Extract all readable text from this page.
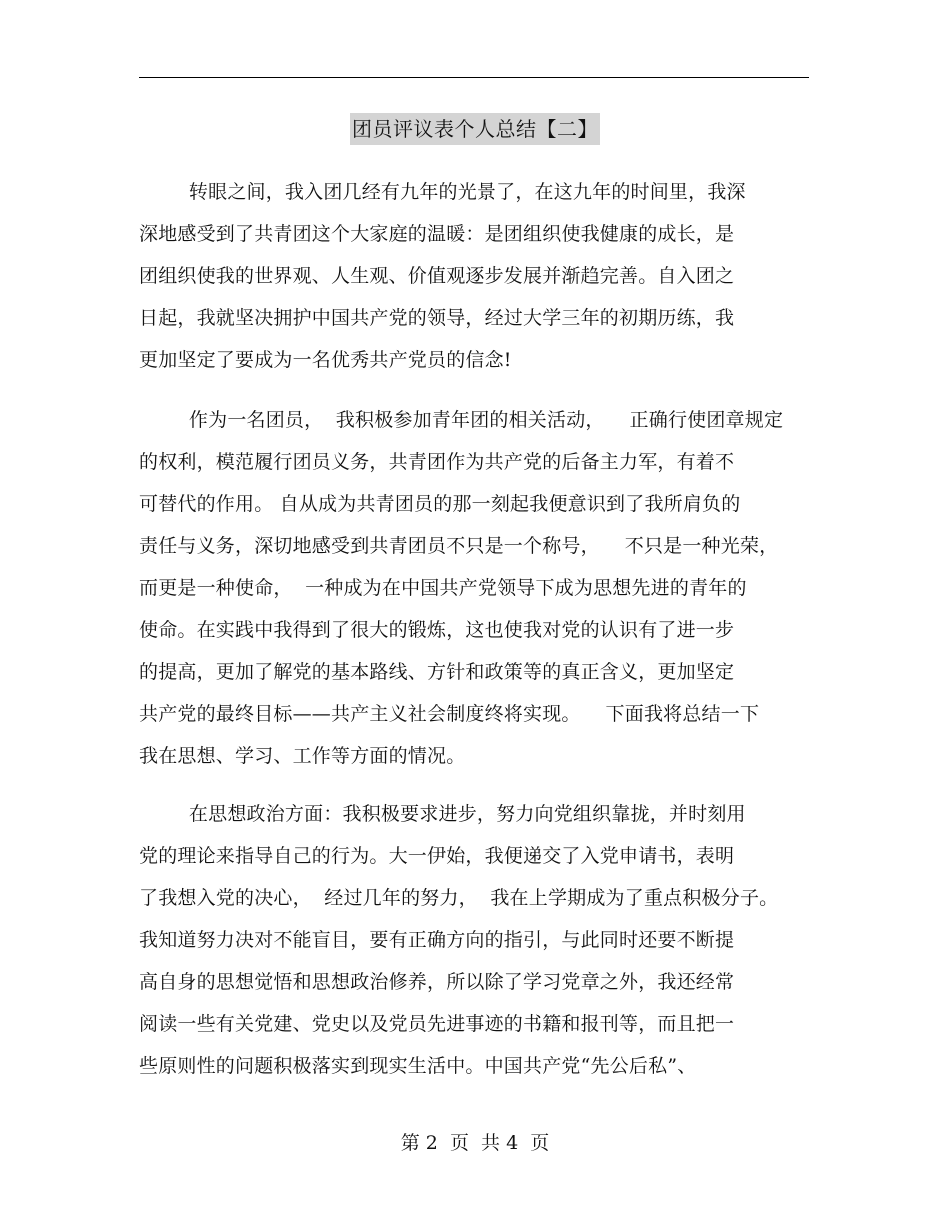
团员评议表个人总结【二】
转眼之间，我入团几经有九年的光景了，在这九年的时间里，我深
深地感受到了共青团这个大家庭的温暖：是团组织使我健康的成长，是
团组织使我的世界观、人生观、价值观逐步发展并渐趋完善。自入团之
日起，我就坚决拥护中国共产党的领导，经过大学三年的初期历练，我
更加坚定了要成为一名优秀共产党员的信念!
作为一名团员，  我积极参加青年团的相关活动，    正确行使团章规定
的权利，模范履行团员义务，共青团作为共产党的后备主力军，有着不
可替代的作用。 自从成为共青团员的那一刻起我便意识到了我所肩负的
责任与义务，深切地感受到共青团员不只是一个称号，    不只是一种光荣，
而更是一种使命，  一种成为在中国共产党领导下成为思想先进的青年的
使命。在实践中我得到了很大的锻炼，这也使我对党的认识有了进一步
的提高，更加了解党的基本路线、方针和政策等的真正含义，更加坚定
共产党的最终目标——共产主义社会制度终将实现。    下面我将总结一下
我在思想、学习、工作等方面的情况。
在思想政治方面：我积极要求进步，努力向党组织靠拢，并时刻用
党的理论来指导自己的行为。大一伊始，我便递交了入党申请书，表明
了我想入党的决心，  经过几年的努力，  我在上学期成为了重点积极分子。
我知道努力决对不能盲目，要有正确方向的指引，与此同时还要不断提
高自身的思想觉悟和思想政治修养，所以除了学习党章之外，我还经常
阅读一些有关党建、党史以及党员先进事迹的书籍和报刊等，而且把一
些原则性的问题积极落实到现实生活中。中国共产党“先公后私”、
第 2  页  共 4  页
